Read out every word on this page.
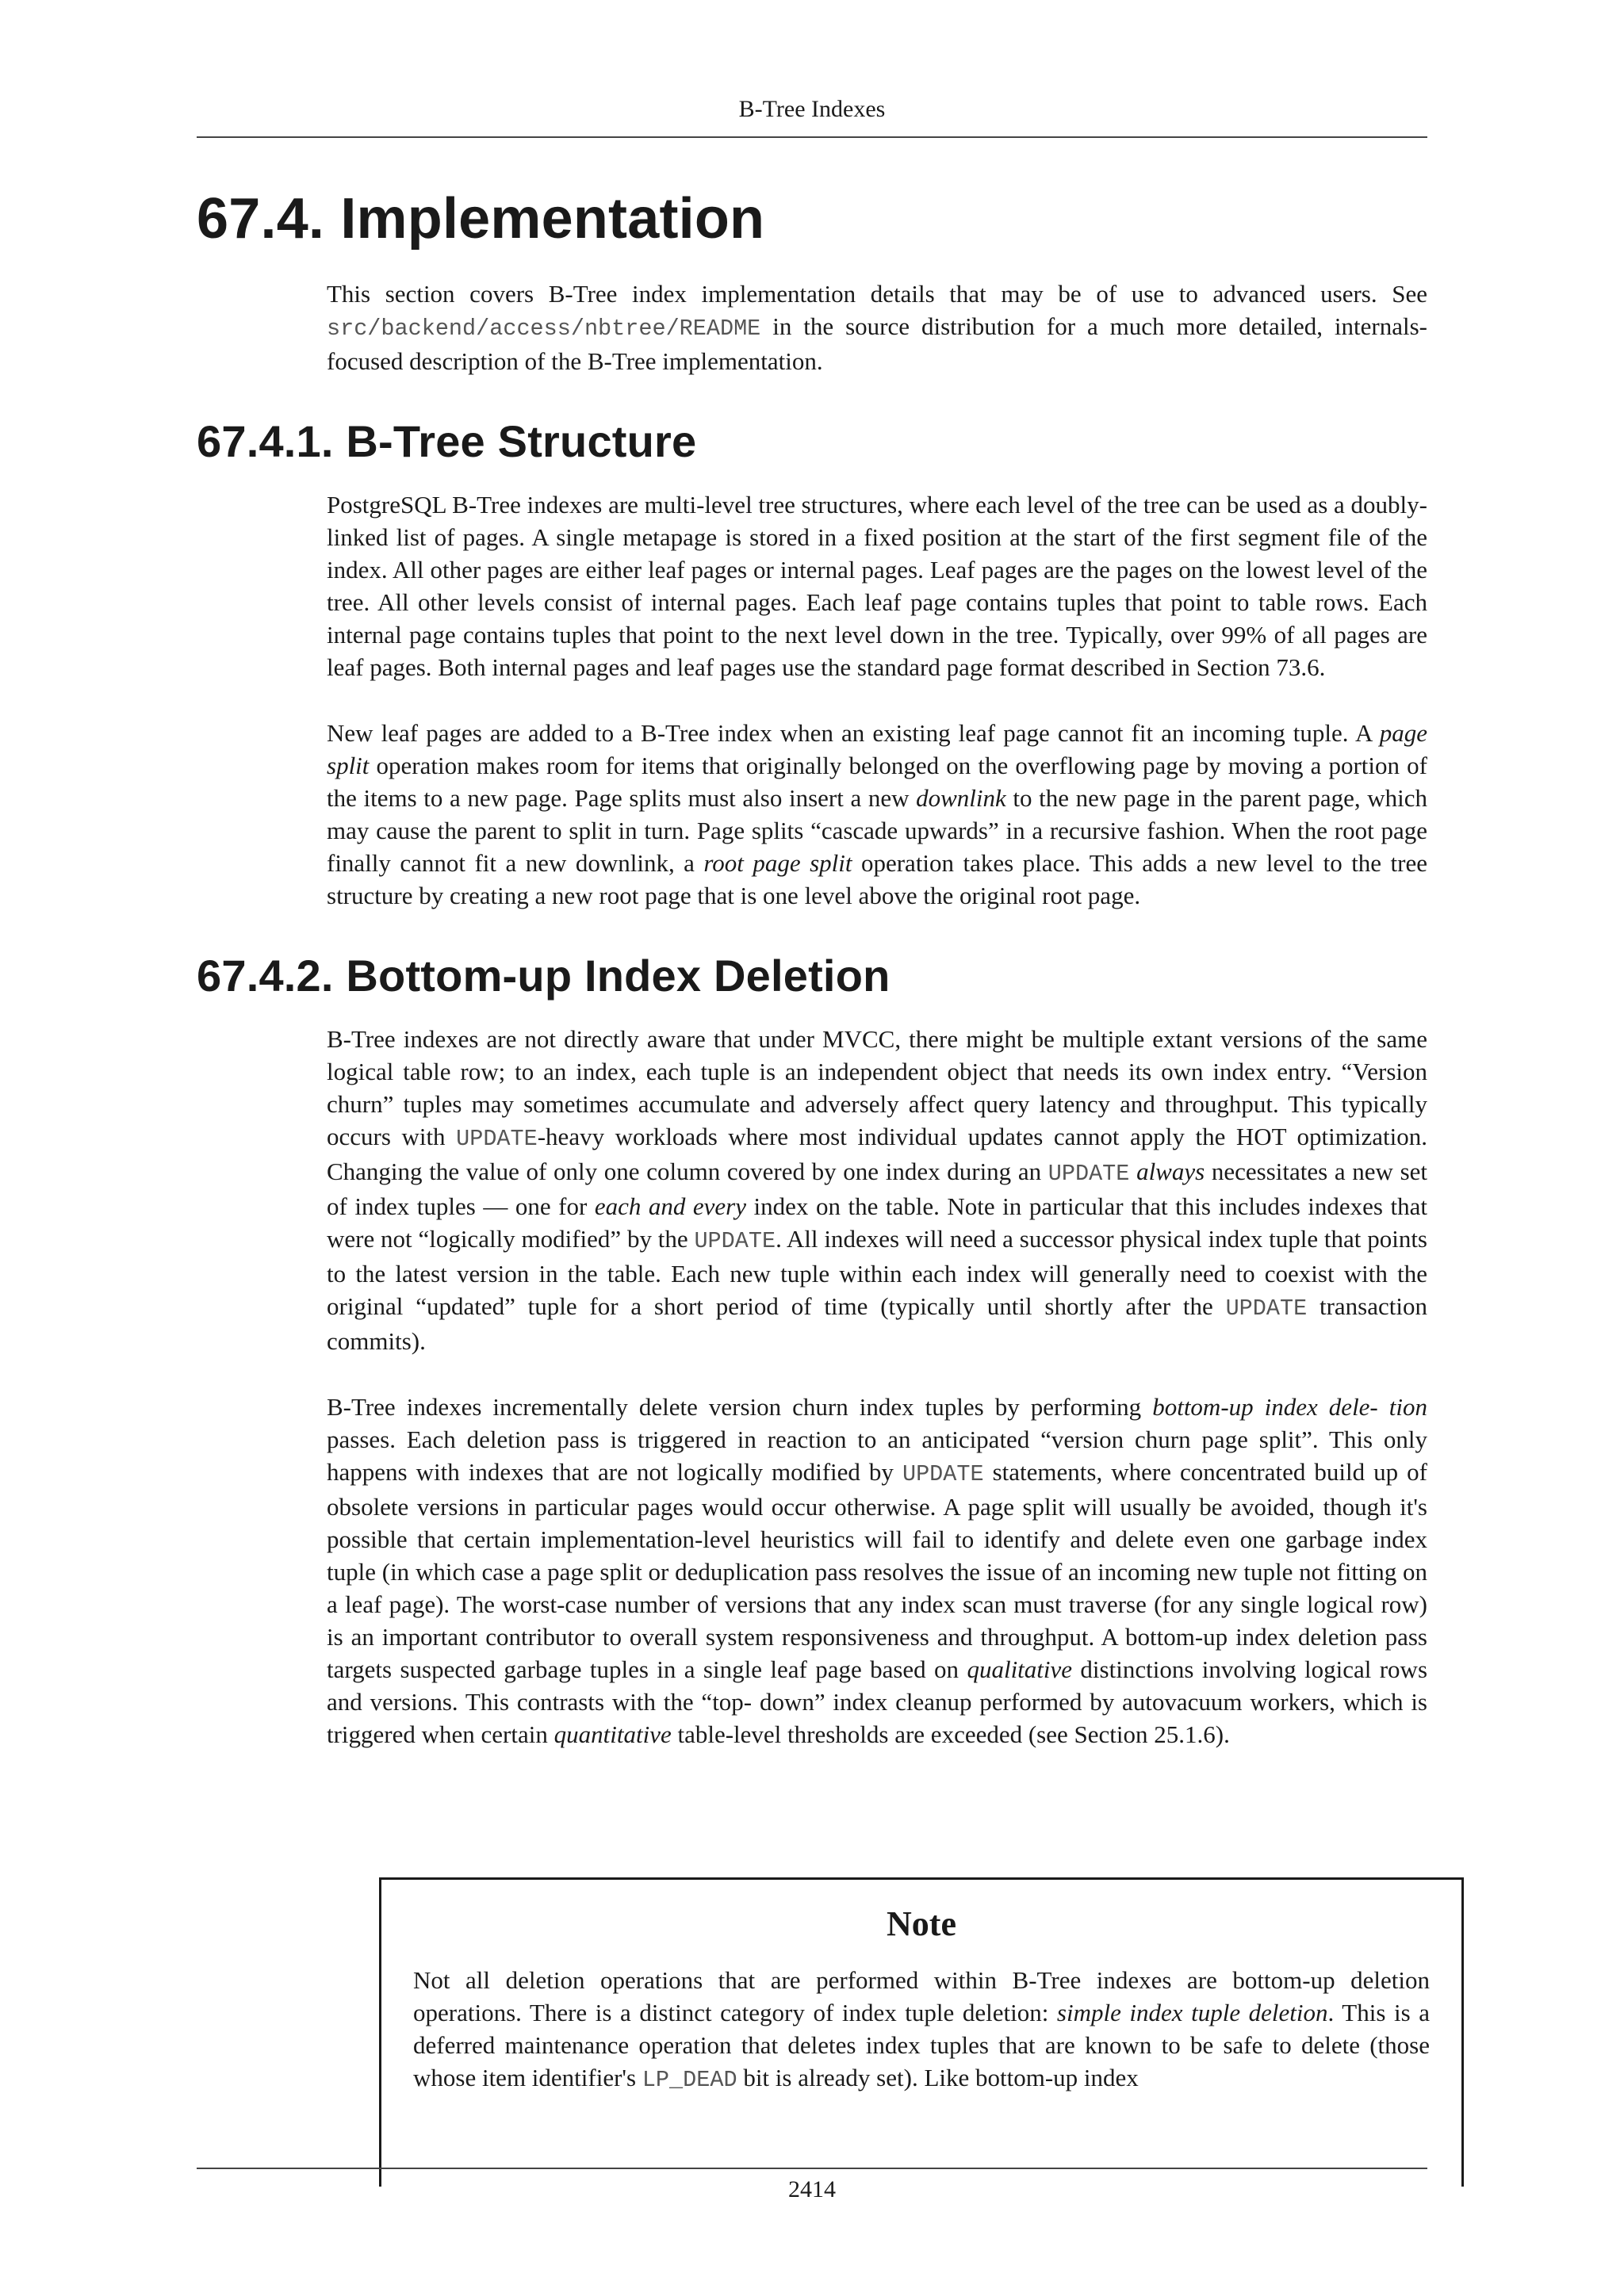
B-Tree Indexes
67.4. Implementation

This section covers B-Tree index implementation details that may be of use to advanced users. See src/backend/access/nbtree/README in the source distribution for a much more detailed, internals-focused description of the B-Tree implementation.

67.4.1. B-Tree Structure

PostgreSQL B-Tree indexes are multi-level tree structures, where each level of the tree can be used as a doubly-linked list of pages. A single metapage is stored in a fixed position at the start of the first segment file of the index. All other pages are either leaf pages or internal pages. Leaf pages are the pages on the lowest level of the tree. All other levels consist of internal pages. Each leaf page contains tuples that point to table rows. Each internal page contains tuples that point to the next level down in the tree. Typically, over 99% of all pages are leaf pages. Both internal pages and leaf pages use the standard page format described in Section 73.6.

New leaf pages are added to a B-Tree index when an existing leaf page cannot fit an incoming tuple. A page split operation makes room for items that originally belonged on the overflowing page by moving a portion of the items to a new page. Page splits must also insert a new downlink to the new page in the parent page, which may cause the parent to split in turn. Page splits “cascade upwards” in a recursive fashion. When the root page finally cannot fit a new downlink, a root page split operation takes place. This adds a new level to the tree structure by creating a new root page that is one level above the original root page.

67.4.2. Bottom-up Index Deletion

B-Tree indexes are not directly aware that under MVCC, there might be multiple extant versions of the same logical table row; to an index, each tuple is an independent object that needs its own index entry. “Version churn” tuples may sometimes accumulate and adversely affect query latency and throughput. This typically occurs with UPDATE-heavy workloads where most individual updates cannot apply the HOT optimization. Changing the value of only one column covered by one index during an UPDATE always necessitates a new set of index tuples — one for each and every index on the table. Note in particular that this includes indexes that were not “logically modified” by the UPDATE. All indexes will need a successor physical index tuple that points to the latest version in the table. Each new tuple within each index will generally need to coexist with the original “updated” tuple for a short period of time (typically until shortly after the UPDATE transaction commits).

B-Tree indexes incrementally delete version churn index tuples by performing bottom-up index dele- tion passes. Each deletion pass is triggered in reaction to an anticipated “version churn page split”. This only happens with indexes that are not logically modified by UPDATE statements, where concentrated build up of obsolete versions in particular pages would occur otherwise. A page split will usually be avoided, though it's possible that certain implementation-level heuristics will fail to identify and delete even one garbage index tuple (in which case a page split or deduplication pass resolves the issue of an incoming new tuple not fitting on a leaf page). The worst-case number of versions that any index scan must traverse (for any single logical row) is an important contributor to overall system responsiveness and throughput. A bottom-up index deletion pass targets suspected garbage tuples in a single leaf page based on qualitative distinctions involving logical rows and versions. This contrasts with the “top- down” index cleanup performed by autovacuum workers, which is triggered when certain quantitative table-level thresholds are exceeded (see Section 25.1.6).

Note

Not all deletion operations that are performed within B-Tree indexes are bottom-up deletion operations. There is a distinct category of index tuple deletion: simple index tuple deletion. This is a deferred maintenance operation that deletes index tuples that are known to be safe to delete (those whose item identifier's LP_DEAD bit is already set). Like bottom-up index

2414
